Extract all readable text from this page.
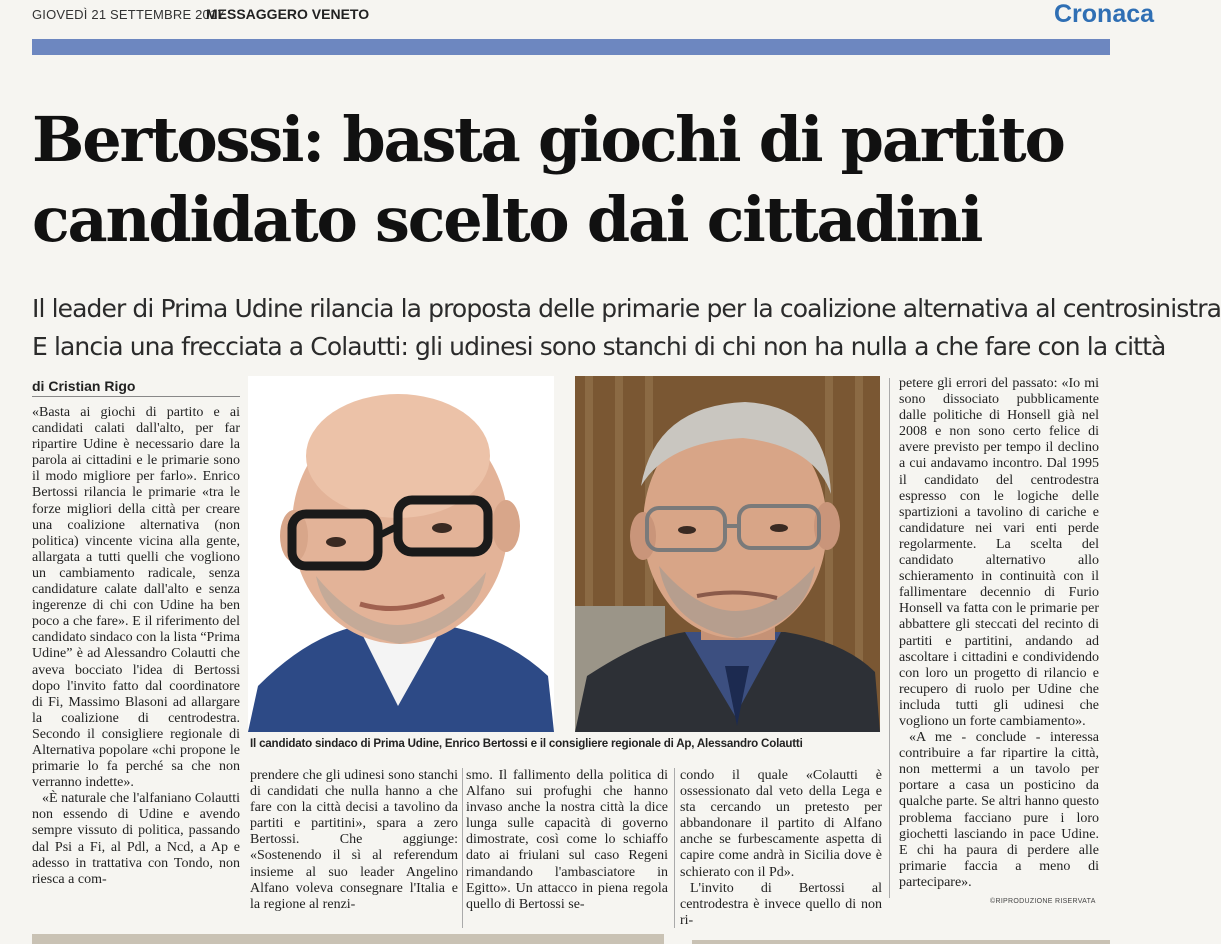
GIOVEDÌ 21 SETTEMBRE 2017
MESSAGGERO VENETO	Cronaca
Bertossi: basta giochi di partito
candidato scelto dai cittadini
Il leader di Prima Udine rilancia la proposta delle primarie per la coalizione alternativa al centrosinistra
E lancia una frecciata a Colautti: gli udinesi sono stanchi di chi non ha nulla a che fare con la città
di Cristian Rigo

«Basta ai giochi di partito e ai candidati calati dall'alto, per far ripartire Udine è necessario dare la parola ai cittadini e le primarie sono il modo migliore per farlo». Enrico Bertossi rilancia le primarie «tra le forze migliori della città per creare una coalizione alternativa (non politica) vincente vicina alla gente, allargata a tutti quelli che vogliono un cambiamento radicale, senza candidature calate dall'alto e senza ingerenze di chi con Udine ha ben poco a che fare». E il riferimento del candidato sindaco con la lista “Prima Udine” è ad Alessandro Colautti che aveva bocciato l'idea di Bertossi dopo l'invito fatto dal coordinatore di Fi, Massimo Blasoni ad allargare la coalizione di centrodestra. Secondo il consigliere regionale di Alternativa popolare «chi propone le primarie lo fa perché sa che non verranno indette».

«È naturale che l'alfaniano Colautti non essendo di Udine e avendo sempre vissuto di politica, passando dal Psi a Fi, al Pdl, a Ncd, a Ap e adesso in trattativa con Tondo, non riesca a com-

Il candidato sindaco di Prima Udine, Enrico Bertossi e il consigliere regionale di Ap, Alessandro Colautti

prendere che gli udinesi sono stanchi di candidati che nulla hanno a che fare con la città decisi a tavolino da partiti e partitini», spara a zero Bertossi. Che aggiunge: «Sostenendo il sì al referendum insieme al suo leader Angelino Alfano voleva consegnare l'Italia e la regione al renzi-

smo. Il fallimento della politica di Alfano sui profughi che hanno invaso anche la nostra città la dice lunga sulle capacità di governo dimostrate, così come lo schiaffo dato ai friulani sul caso Regeni rimandando l'ambasciatore in Egitto». Un attacco in piena regola quello di Bertossi se-

condo il quale «Colautti è ossessionato dal veto della Lega e sta cercando un pretesto per abbandonare il partito di Alfano anche se furbescamente aspetta di capire come andrà in Sicilia dove è schierato con il Pd».

L'invito di Bertossi al centrodestra è invece quello di non ri-

petere gli errori del passato: «Io mi sono dissociato pubblicamente dalle politiche di Honsell già nel 2008 e non sono certo felice di avere previsto per tempo il declino a cui andavamo incontro. Dal 1995 il candidato del centrodestra espresso con le logiche delle spartizioni a tavolino di cariche e candidature nei vari enti perde regolarmente. La scelta del candidato alternativo allo schieramento in continuità con il fallimentare decennio di Furio Honsell va fatta con le primarie per abbattere gli steccati del recinto di partiti e partitini, andando ad ascoltare i cittadini e condividendo con loro un progetto di rilancio e recupero di ruolo per Udine che includa tutti gli udinesi che vogliono un forte cambiamento».

«A me - conclude - interessa contribuire a far ripartire la città, non mettermi a un tavolo per portare a casa un posticino da qualche parte. Se altri hanno questo problema facciano pure i loro giochetti lasciando in pace Udine. E chi ha paura di perdere alle primarie faccia a meno di partecipare».

©RIPRODUZIONE RISERVATA
